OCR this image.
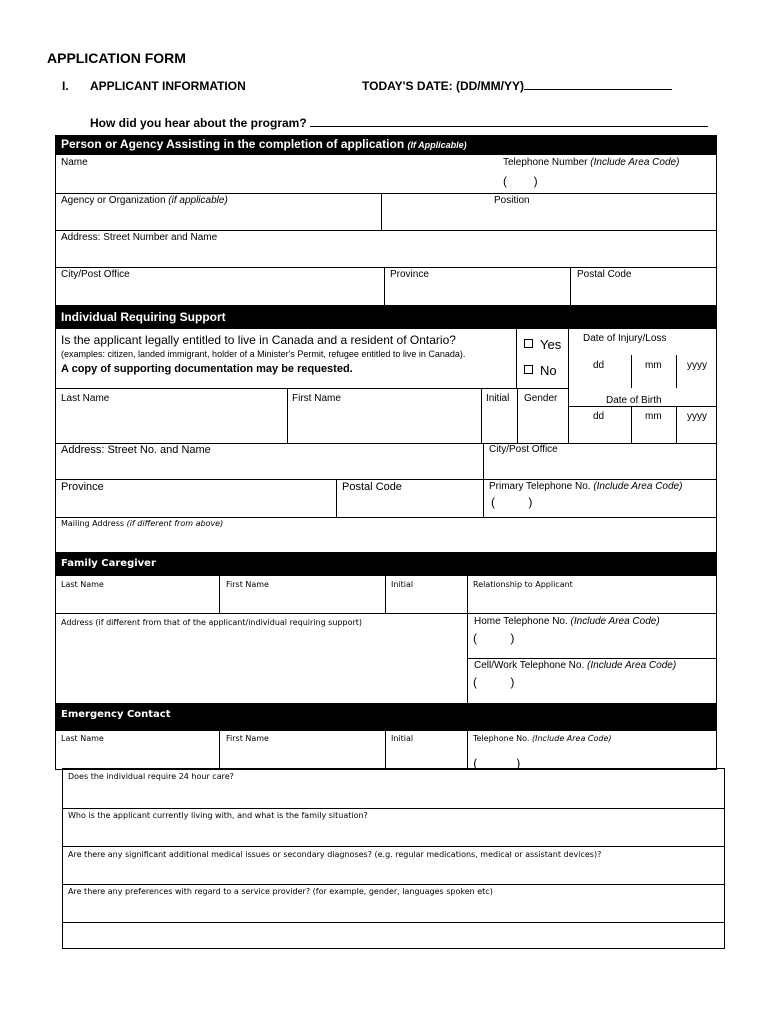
APPLICATION FORM
I. APPLICANT INFORMATION	TODAY'S DATE: (DD/MM/YY)
How did you hear about the program?
Person or Agency Assisting in the completion of application (If Applicable)
Name	Telephone Number (Include Area Code)
(        )
Agency or Organization (if applicable)	Position
Address: Street Number and Name
City/Post Office	Province	Postal Code
Individual Requiring Support
Is the applicant legally entitled to live in Canada and a resident of Ontario?
(examples: citizen, landed immigrant, holder of a Minister's Permit, refugee entitled to live in Canada).
A copy of supporting documentation may be requested.
Yes
No
Date of Injury/Loss
dd	mm	yyyy
Last Name	First Name	Initial Gender	Date of Birth
dd	mm	yyyy
Address: Street No. and Name	City/Post Office
Province	Postal Code	Primary Telephone No. (Include Area Code)
(          )
Mailing Address (if different from above)
Family Caregiver
Last Name	First Name	Initial	Relationship to Applicant
Address (if different from that of the applicant/individual requiring support)	Home Telephone No. (Include Area Code)
(          )
Cell/Work Telephone No. (Include Area Code)
(          )
Emergency Contact
Last Name	First Name	Initial	Telephone No. (Include Area Code)
(          )
Does the individual require 24 hour care?
Who is the applicant currently living with, and what is the family situation?
Are there any significant additional medical issues or secondary diagnoses? (e.g. regular medications, medical or assistant devices)?
Are there any preferences with regard to a service provider? (for example, gender, languages spoken etc)
